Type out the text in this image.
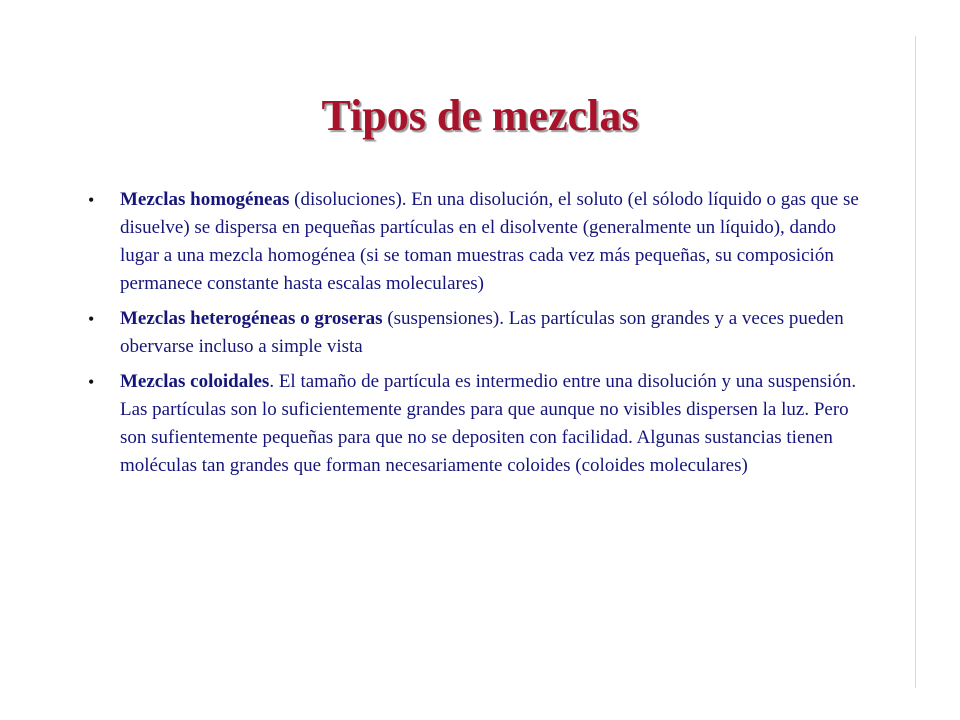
Tipos de mezclas
•	Mezclas homogéneas (disoluciones). En una disolución, el soluto (el sólodo líquido o gas que se disuelve) se dispersa en pequeñas partículas en el disolvente (generalmente un líquido), dando lugar a una mezcla homogénea (si se toman muestras cada vez más pequeñas, su composición permanece constante hasta escalas moleculares)
•	Mezclas heterogéneas o groseras (suspensiones). Las partículas son grandes y a veces pueden obervarse incluso a simple vista
•	Mezclas coloidales. El tamaño de partícula es intermedio entre una disolución y una suspensión. Las partículas son lo suficientemente grandes para que aunque no visibles dispersen la luz. Pero son sufientemente pequeñas para que no se depositen con facilidad. Algunas sustancias tienen moléculas tan grandes que forman necesariamente coloides (coloides moleculares)
